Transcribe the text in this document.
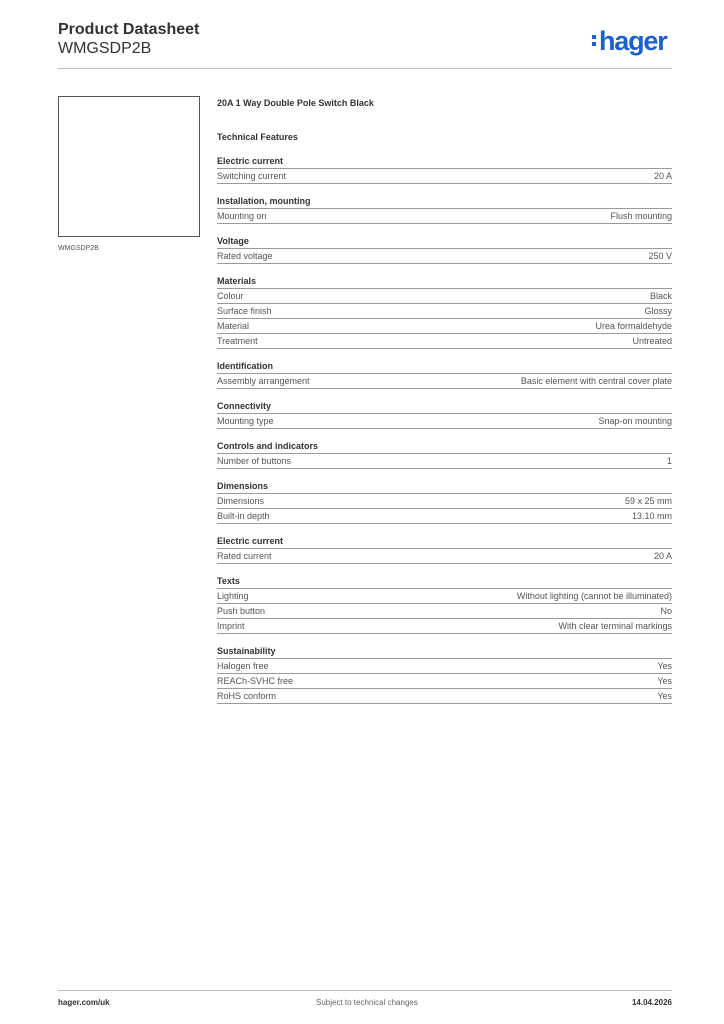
Product Datasheet
WMGSDP2B	hager
WMGSDP2B
20A 1 Way Double Pole Switch Black
Technical Features
Electric current
Switching current	20 A
Installation, mounting
Mounting on	Flush mounting
Voltage
Rated voltage	250 V
Materials
Colour	Black
Surface finish	Glossy
Material	Urea formaldehyde
Treatment	Untreated
Identification
Assembly arrangement	Basic element with central cover plate
Connectivity
Mounting type	Snap-on mounting
Controls and indicators
Number of buttons	1
Dimensions
Dimensions	59 x 25 mm
Built-in depth	13.10 mm
Electric current
Rated current	20 A
Texts
Lighting	Without lighting (cannot be illuminated)
Push button	No
Imprint	With clear terminal markings
Sustainability
Halogen free	Yes
REACh-SVHC free	Yes
RoHS conform	Yes
hager.com/uk	Subject to technical changes	14.04.2026
